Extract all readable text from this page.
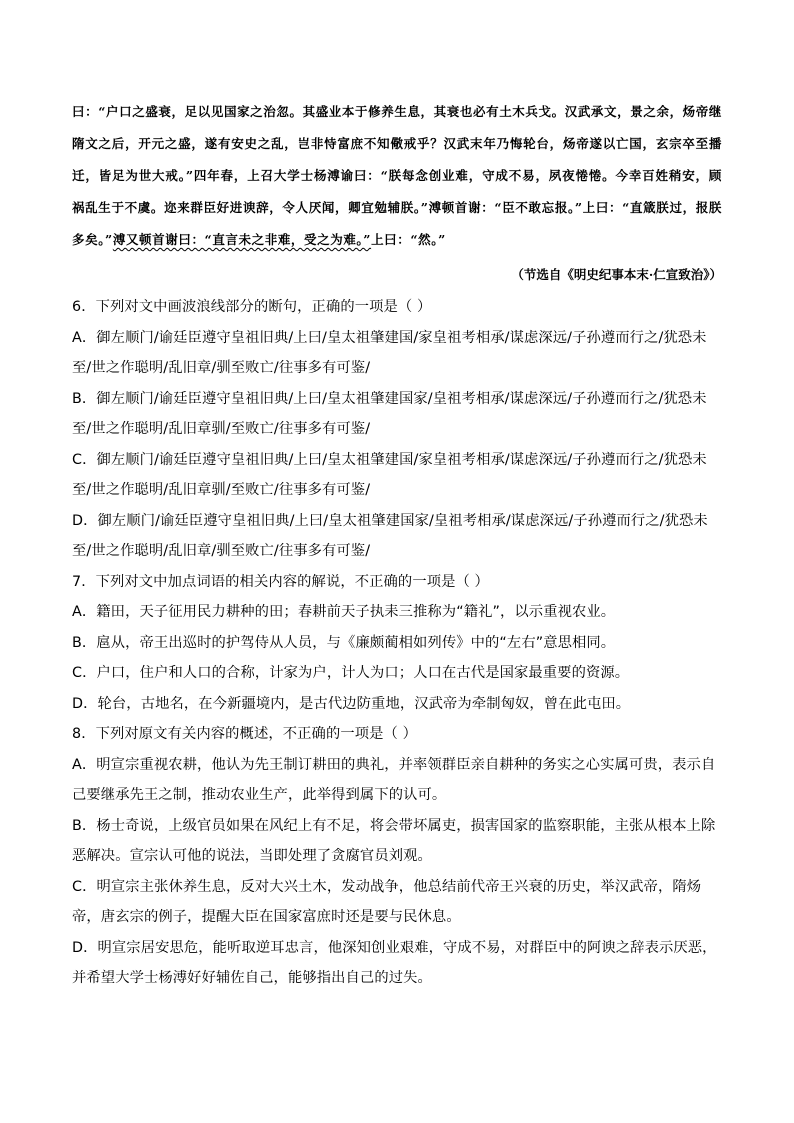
曰：“户口之盛衰，足以见国家之治忽。其盛业本于修养生息，其衰也必有土木兵戈。汉武承文，景之余，炀帝继隋文之后，开元之盛，遂有安史之乱，岂非恃富庶不知儆戒乎？汉武末年乃悔轮台，炀帝遂以亡国，玄宗卒至播迁，皆足为世大戒。”四年春，上召大学士杨溥谕曰：“朕每念创业难，守成不易，夙夜惓惓。今幸百姓稍安，顾祸乱生于不虞。迩来群臣好进谀辞，令人厌闻，卿宜勉辅朕。”溥顿首谢：“臣不敢忘报。”上曰：“直箴朕过，报朕多矣。”溥又顿首谢曰：“直言未之非难，受之为难。”上曰：“然。”

（节选自《明史纪事本末·仁宣致治》）

6．下列对文中画波浪线部分的断句，正确的一项是（ ）

A．御左顺门/谕廷臣遵守皇祖旧典/上曰/皇太祖肇建国/家皇祖考相承/谋虑深远/子孙遵而行之/犹恐未至/世之作聪明/乱旧章/驯至败亡/往事多有可鉴/

B．御左顺门/谕廷臣遵守皇祖旧典/上曰/皇太祖肇建国家/皇祖考相承/谋虑深远/子孙遵而行之/犹恐未至/世之作聪明/乱旧章驯/至败亡/往事多有可鉴/

C．御左顺门/谕廷臣遵守皇祖旧典/上曰/皇太祖肇建国/家皇祖考相承/谋虑深远/子孙遵而行之/犹恐未至/世之作聪明/乱旧章驯/至败亡/往事多有可鉴/

D．御左顺门/谕廷臣遵守皇祖旧典/上曰/皇太祖肇建国家/皇祖考相承/谋虑深远/子孙遵而行之/犹恐未至/世之作聪明/乱旧章/驯至败亡/往事多有可鉴/

7．下列对文中加点词语的相关内容的解说，不正确的一项是（ ）

A．籍田，天子征用民力耕种的田；春耕前天子执耒三推称为“籍礼”，以示重视农业。

B．扈从，帝王出巡时的护驾侍从人员，与《廉颇蔺相如列传》中的“左右”意思相同。

C．户口，住户和人口的合称，计家为户，计人为口；人口在古代是国家最重要的资源。

D．轮台，古地名，在今新疆境内，是古代边防重地，汉武帝为牵制匈奴，曾在此屯田。

8．下列对原文有关内容的概述，不正确的一项是（ ）

A．明宣宗重视农耕，他认为先王制订耕田的典礼，并率领群臣亲自耕种的务实之心实属可贵，表示自己要继承先王之制，推动农业生产，此举得到属下的认可。

B．杨士奇说，上级官员如果在风纪上有不足，将会带坏属吏，损害国家的监察职能，主张从根本上除恶解决。宣宗认可他的说法，当即处理了贪腐官员刘观。

C．明宣宗主张休养生息，反对大兴土木，发动战争，他总结前代帝王兴衰的历史，举汉武帝，隋炀帝，唐玄宗的例子，提醒大臣在国家富庶时还是要与民休息。

D．明宣宗居安思危，能听取逆耳忠言，他深知创业艰难，守成不易，对群臣中的阿谀之辞表示厌恶，并希望大学士杨溥好好辅佐自己，能够指出自己的过失。
